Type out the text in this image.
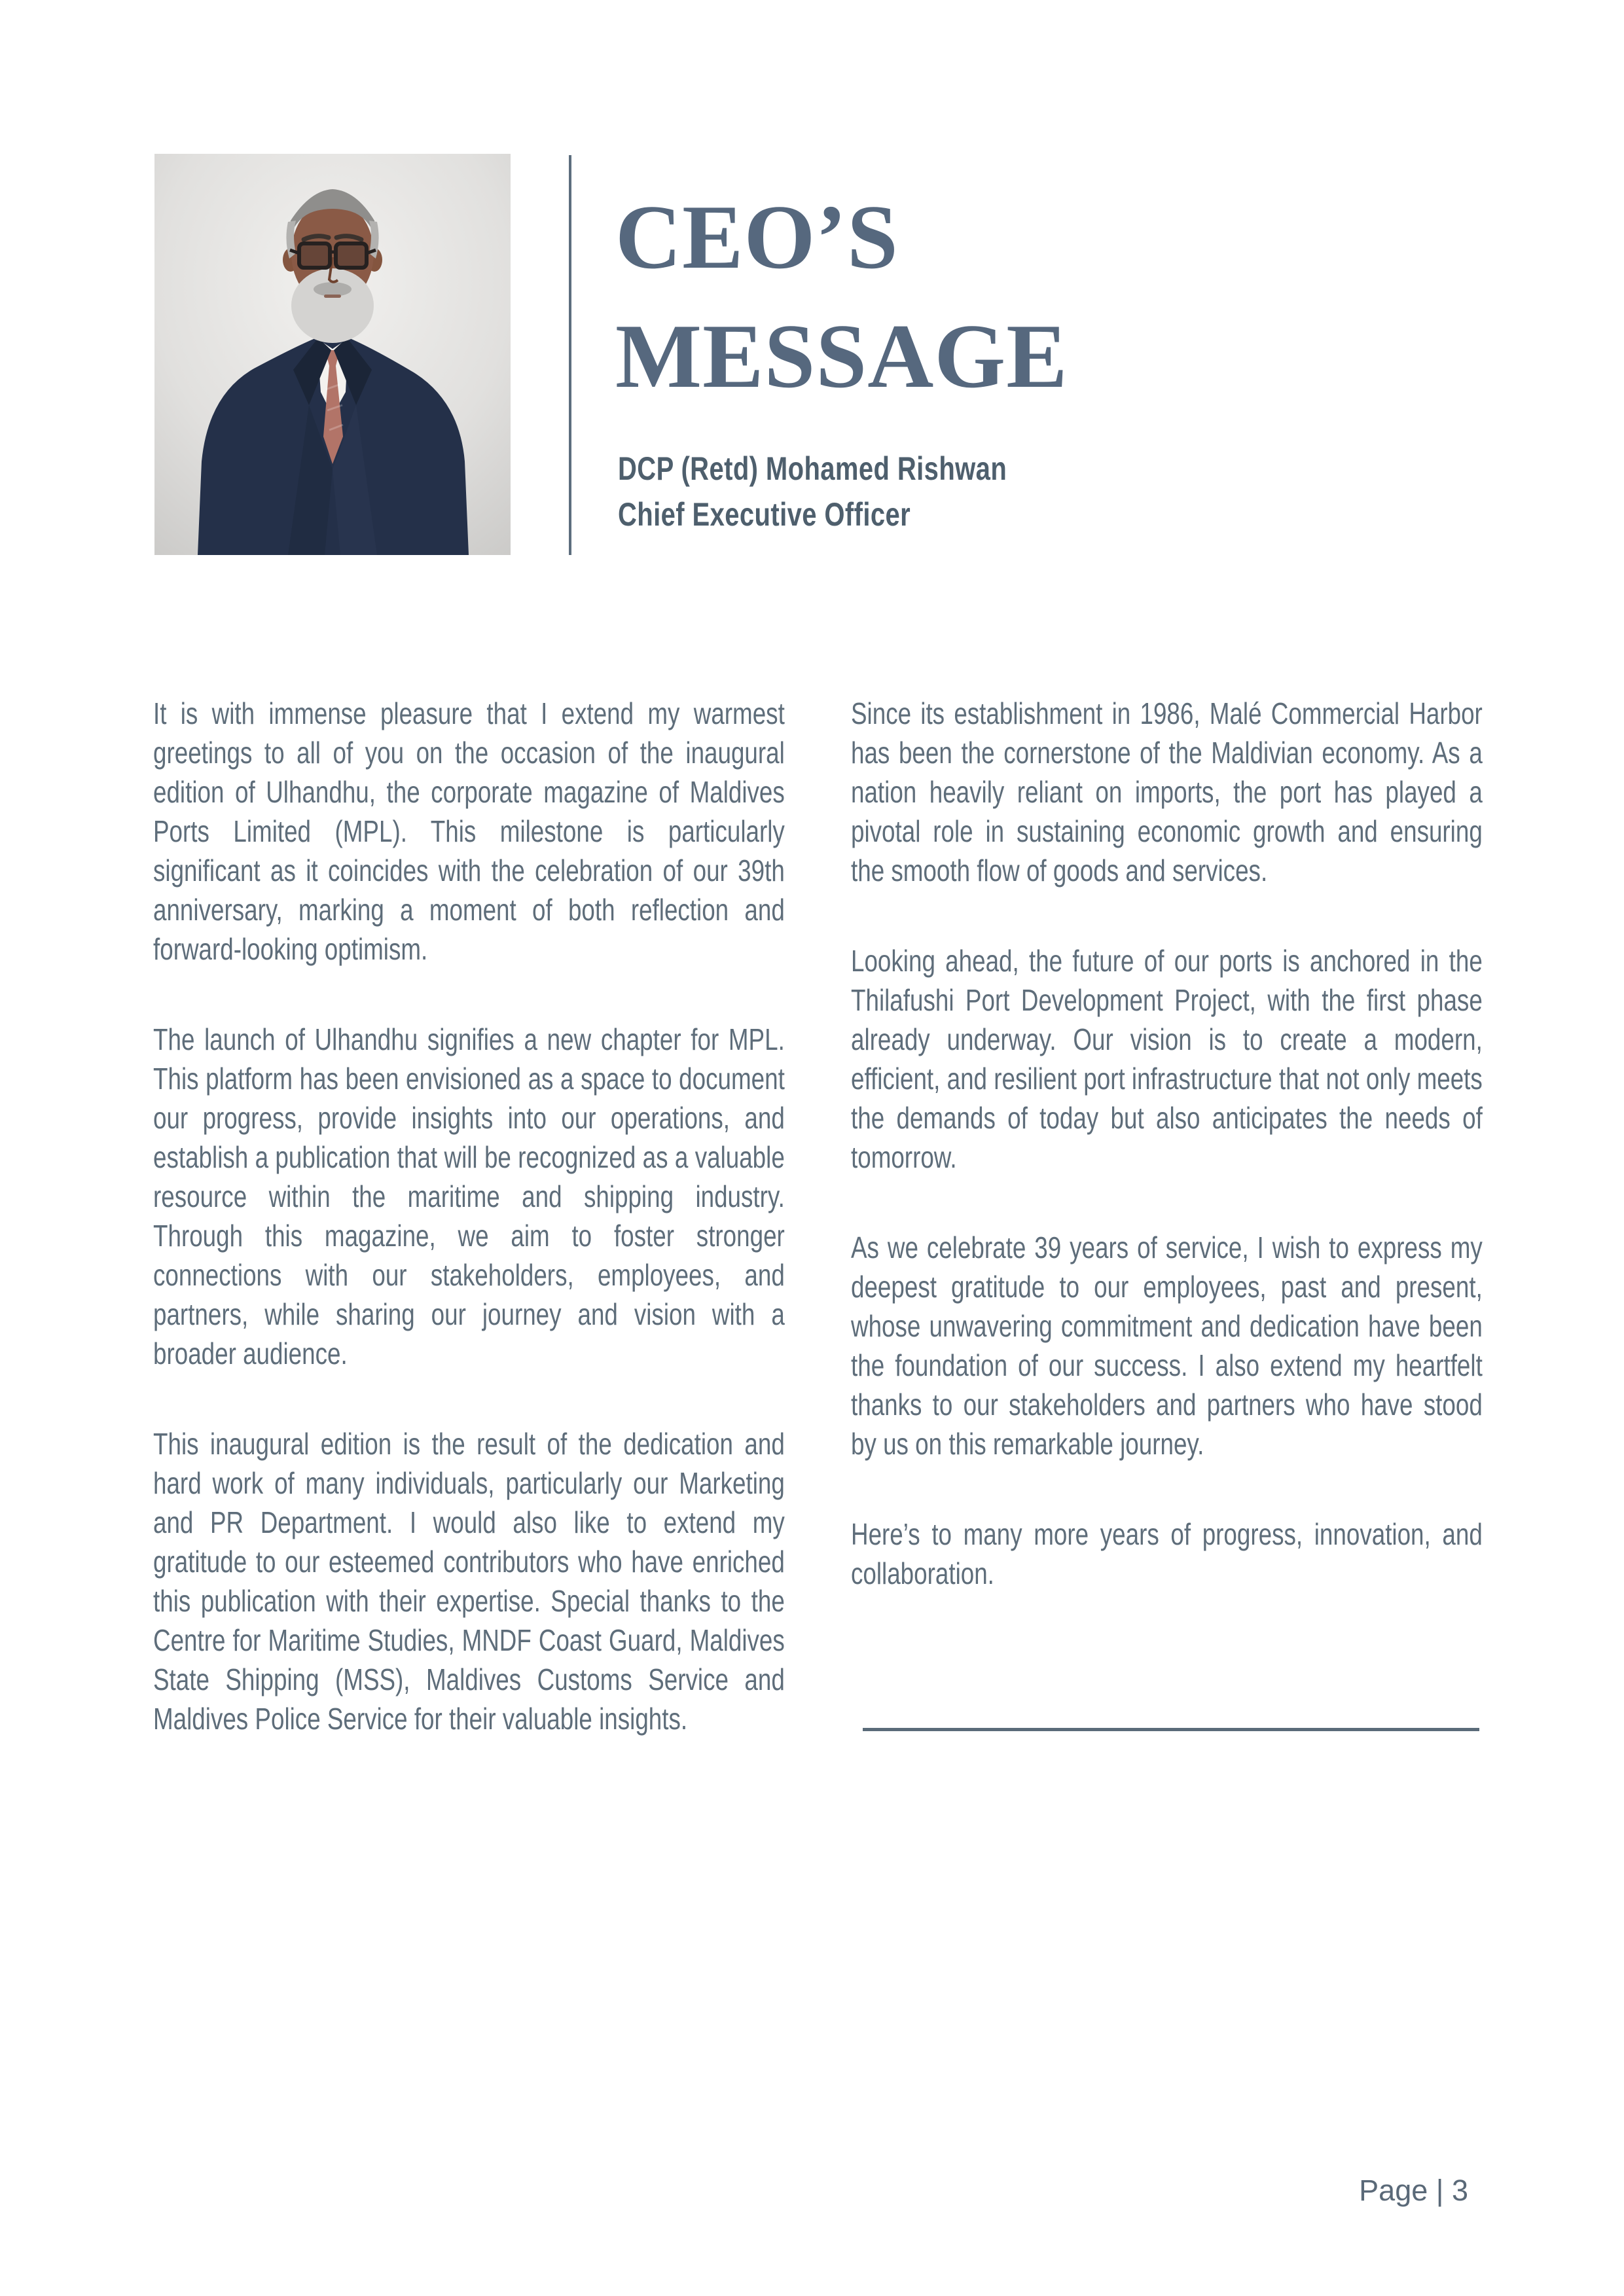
CEO’S
MESSAGE
DCP (Retd) Mohamed Rishwan
Chief Executive Officer

It is with immense pleasure that I extend my warmest greetings to all of you on the occasion of the inaugural edition of Ulhandhu, the corporate magazine of Maldives Ports Limited (MPL). This milestone is particularly significant as it coincides with the celebration of our 39th anniversary, marking a moment of both reflection and forward-looking optimism.

The launch of Ulhandhu signifies a new chapter for MPL. This platform has been envisioned as a space to document our progress, provide insights into our operations, and establish a publication that will be recognized as a valuable resource within the maritime and shipping industry. Through this magazine, we aim to foster stronger connections with our stakeholders, employees, and partners, while sharing our journey and vision with a broader audience.

This inaugural edition is the result of the dedication and hard work of many individuals, particularly our Marketing and PR Department. I would also like to extend my gratitude to our esteemed contributors who have enriched this publication with their expertise. Special thanks to the Centre for Maritime Studies, MNDF Coast Guard, Maldives State Shipping (MSS), Maldives Customs Service and Maldives Police Service for their valuable insights.

Since its establishment in 1986, Malé Commercial Harbor has been the cornerstone of the Maldivian economy. As a nation heavily reliant on imports, the port has played a pivotal role in sustaining economic growth and ensuring the smooth flow of goods and services.

Looking ahead, the future of our ports is anchored in the Thilafushi Port Development Project, with the first phase already underway. Our vision is to create a modern, efficient, and resilient port infrastructure that not only meets the demands of today but also anticipates the needs of tomorrow.

As we celebrate 39 years of service, I wish to express my deepest gratitude to our employees, past and present, whose unwavering commitment and dedication have been the foundation of our success. I also extend my heartfelt thanks to our stakeholders and partners who have stood by us on this remarkable journey.

Here’s to many more years of progress, innovation, and collaboration.

Page | 3
